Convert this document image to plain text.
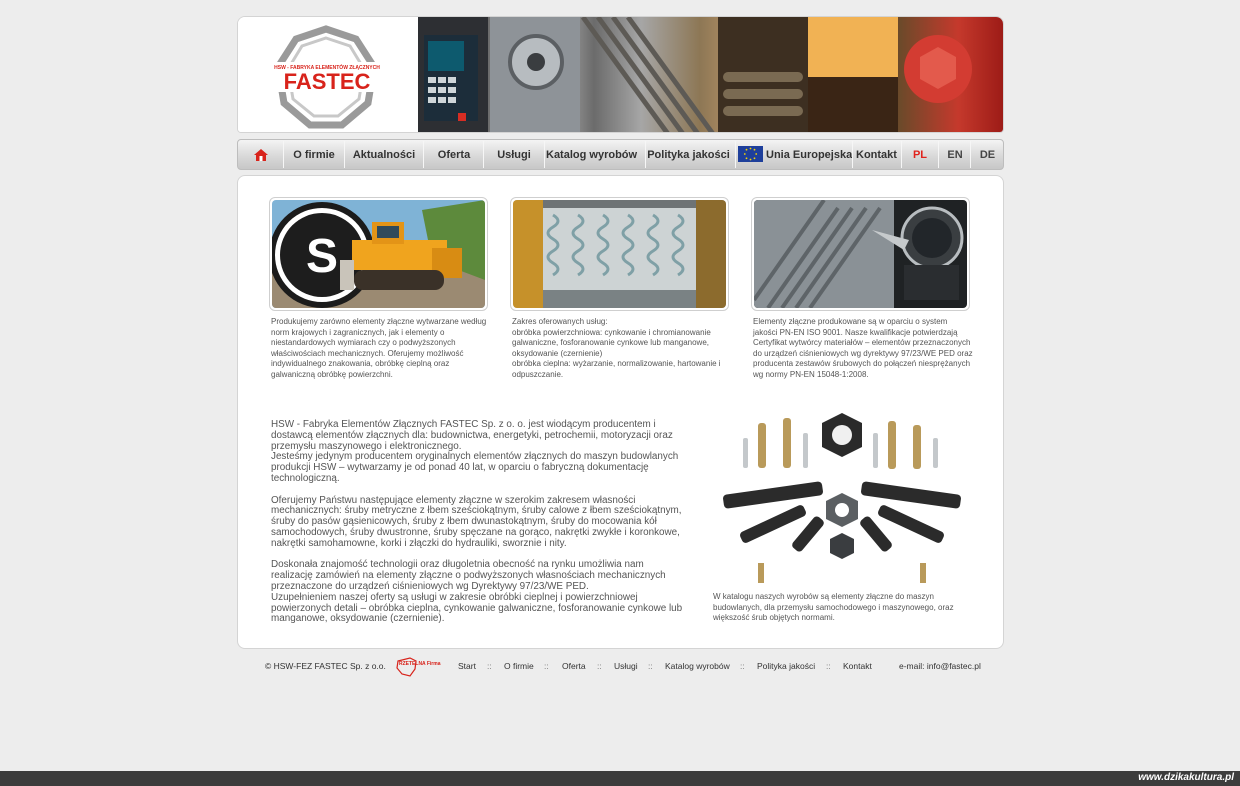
HSW - FABRYKA ELEMENTÓW ZŁĄCZNYCH
FASTEC
O firmie	Aktualności	Oferta	Usługi	Katalog wyrobów Polityka jakości	Unia Europejska Kontakt	PL	EN	DE
S
Produkujemy zarówno elementy złączne wytwarzane według norm krajowych i zagranicznych, jak i elementy o niestandardowych wymiarach czy o podwyższonych właściwościach mechanicznych. Oferujemy możliwość indywidualnego znakowania, obróbkę cieplną oraz galwaniczną obróbkę powierzchni.
Zakres oferowanych usług:
obróbka powierzchniowa: cynkowanie i chromianowanie galwaniczne, fosforanowanie cynkowe lub manganowe, oksydowanie (czernienie)
obróbka cieplna: wyżarzanie, normalizowanie, hartowanie i odpuszczanie.
Elementy złączne produkowane są w oparciu o system jakości PN-EN ISO 9001. Nasze kwalifikacje potwierdzają Certyfikat wytwórcy materiałów – elementów przeznaczonych do urządzeń ciśnieniowych wg dyrektywy 97/23/WE PED oraz producenta zestawów śrubowych do połączeń niesprężanych wg normy PN-EN 15048-1:2008.

HSW - Fabryka Elementów Złącznych FASTEC Sp. z o. o. jest wiodącym producentem i dostawcą elementów złącznych dla: budownictwa, energetyki, petrochemii, motoryzacji oraz przemysłu maszynowego i elektronicznego.
Jesteśmy jedynym producentem oryginalnych elementów złącznych do maszyn budowlanych produkcji HSW – wytwarzamy je od ponad 40 lat, w oparciu o fabryczną dokumentację technologiczną.

Oferujemy Państwu następujące elementy złączne w szerokim zakresem własności mechanicznych: śruby metryczne z łbem sześciokątnym, śruby calowe z łbem sześciokątnym, śruby do pasów gąsienicowych, śruby z łbem dwunastokątnym, śruby do mocowania kół samochodowych, śruby dwustronne, śruby spęczane na gorąco, nakrętki zwykłe i koronkowe, nakrętki samohamowne, korki i złączki do hydrauliki, sworznie i nity.

Doskonała znajomość technologii oraz długoletnia obecność na rynku umożliwia nam realizację zamówień na elementy złączne o podwyższonych własnościach mechanicznych przeznaczone do urządzeń ciśnieniowych wg Dyrektywy 97/23/WE PED.
Uzupełnieniem naszej oferty są usługi w zakresie obróbki cieplnej i powierzchniowej powierzonych detali – obróbka cieplna, cynkowanie galwaniczne, fosforanowanie cynkowe lub manganowe, oksydowanie (czernienie).

W katalogu naszych wyrobów są elementy złączne do maszyn budowlanych, dla przemysłu samochodowego i maszynowego, oraz większość śrub objętych normami.
© HSW-FEZ FASTEC Sp. z o.o.	RZETELNA Firma Start :: O firmie :: Oferta :: Usługi :: Katalog wyrobów :: Polityka jakości :: Kontakt	e-mail: info@fastec.pl
www.dzikakultura.pl
